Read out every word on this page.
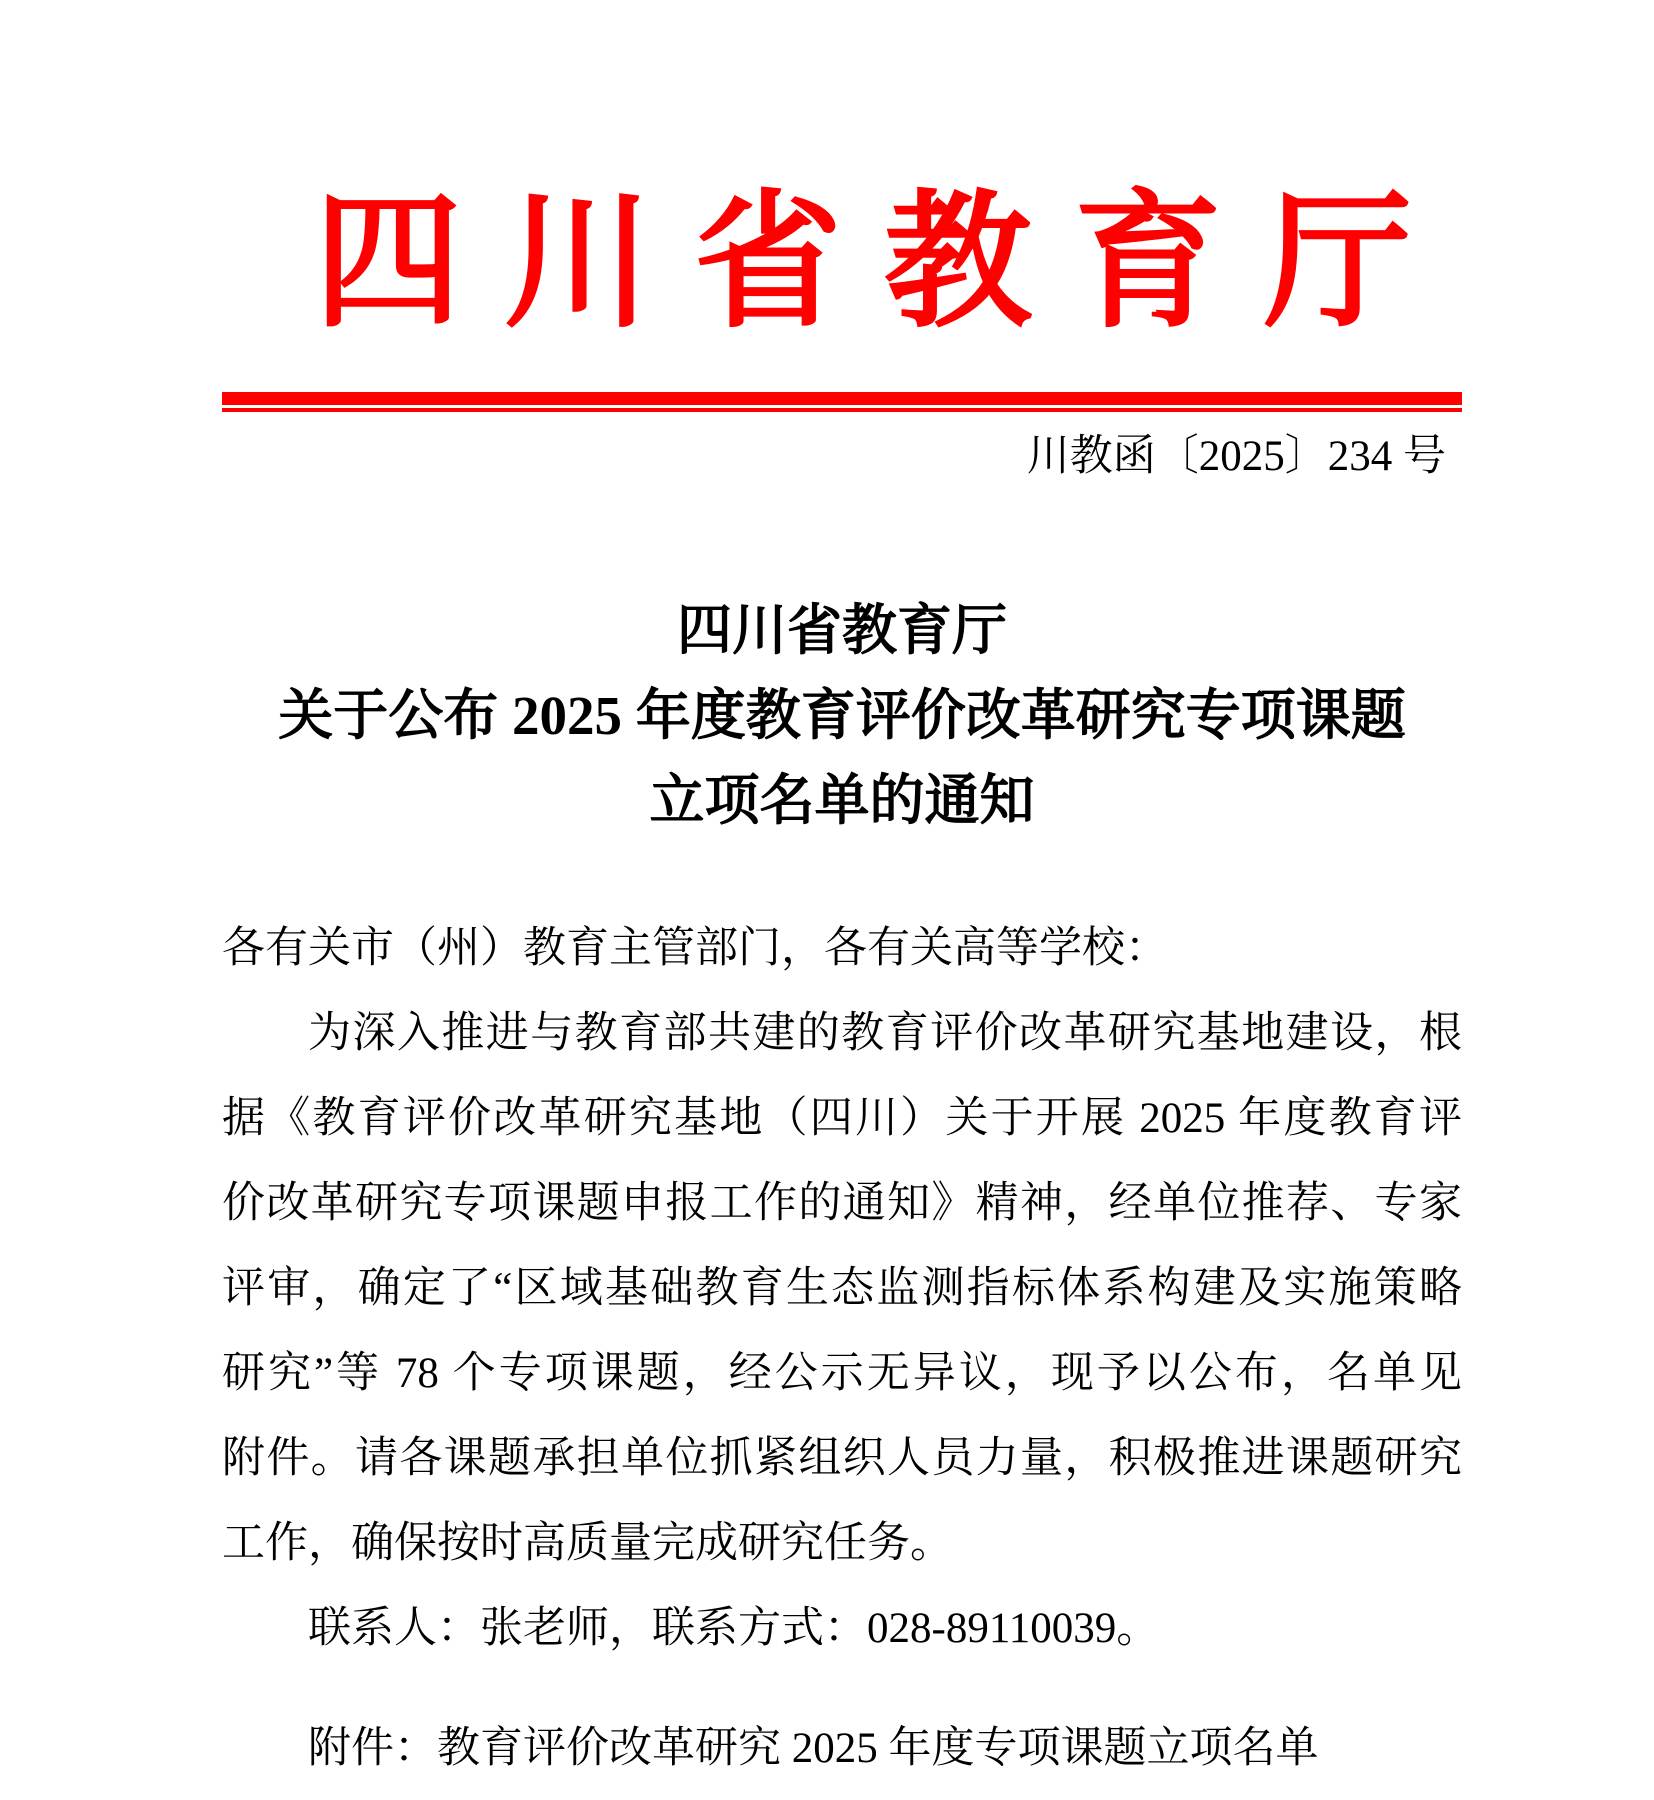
四川省教育厅
川教函〔2025〕234 号
四川省教育厅
关于公布 2025 年度教育评价改革研究专项课题
立项名单的通知
各有关市（州）教育主管部门，各有关高等学校：
为深入推进与教育部共建的教育评价改革研究基地建设，根
据《教育评价改革研究基地（四川）关于开展 2025 年度教育评
价改革研究专项课题申报工作的通知》精神，经单位推荐、专家
评审，确定了“区域基础教育生态监测指标体系构建及实施策略
研究”等 78 个专项课题，经公示无异议，现予以公布，名单见
附件。请各课题承担单位抓紧组织人员力量，积极推进课题研究
工作，确保按时高质量完成研究任务。
联系人：张老师，联系方式：028-89110039。
附件：教育评价改革研究 2025 年度专项课题立项名单
